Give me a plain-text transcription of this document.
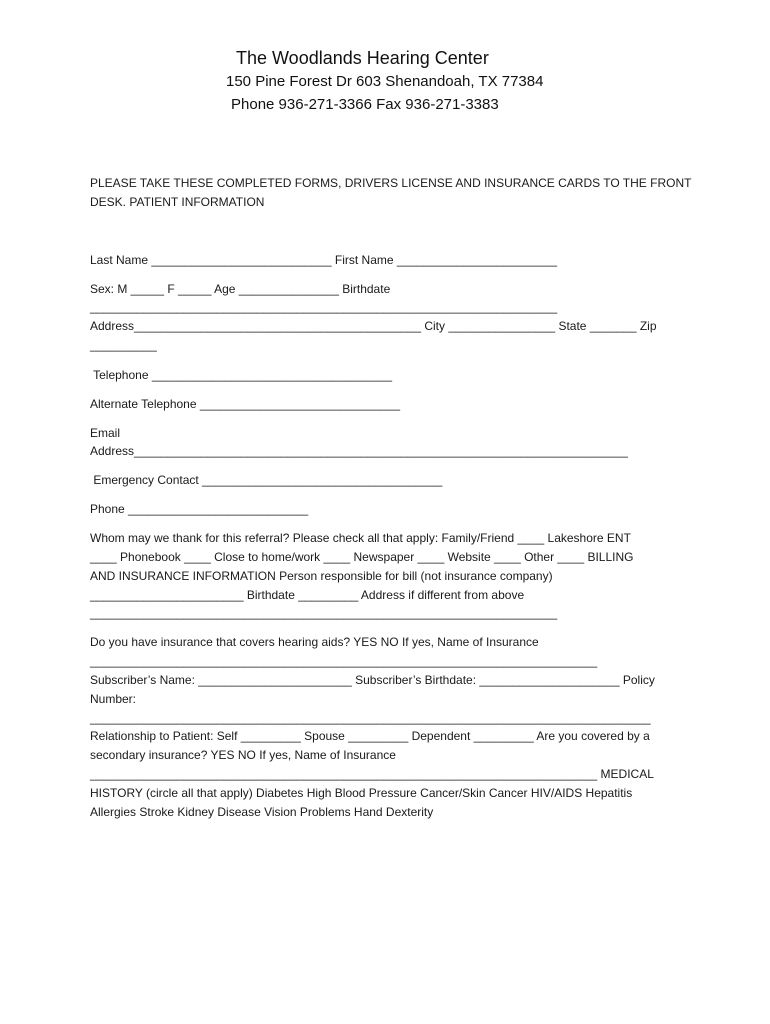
The Woodlands Hearing Center
150 Pine Forest Dr 603 Shenandoah, TX 77384
Phone 936-271-3366 Fax 936-271-3383
PLEASE TAKE THESE COMPLETED FORMS, DRIVERS LICENSE AND INSURANCE CARDS TO THE FRONT
DESK. PATIENT INFORMATION
Last Name ___________________________ First Name ________________________
Sex: M _____ F _____ Age _______________ Birthdate
______________________________________________________________________
Address___________________________________________ City ________________ State _______ Zip
__________
Telephone ____________________________________
Alternate Telephone ______________________________
Email
Address__________________________________________________________________________
Emergency Contact ____________________________________
Phone ___________________________
Whom may we thank for this referral? Please check all that apply: Family/Friend ____ Lakeshore ENT
____ Phonebook ____ Close to home/work ____ Newspaper ____ Website ____ Other ____ BILLING
AND INSURANCE INFORMATION Person responsible for bill (not insurance company)
_______________________ Birthdate _________ Address if different from above
______________________________________________________________________
Do you have insurance that covers hearing aids? YES NO If yes, Name of Insurance
____________________________________________________________________________
Subscriber’s Name: _______________________ Subscriber’s Birthdate: _____________________ Policy
Number:
____________________________________________________________________________________
Relationship to Patient: Self _________ Spouse _________ Dependent _________ Are you covered by a
secondary insurance? YES NO If yes, Name of Insurance
____________________________________________________________________________ MEDICAL
HISTORY (circle all that apply) Diabetes High Blood Pressure Cancer/Skin Cancer HIV/AIDS Hepatitis
Allergies Stroke Kidney Disease Vision Problems Hand Dexterity
